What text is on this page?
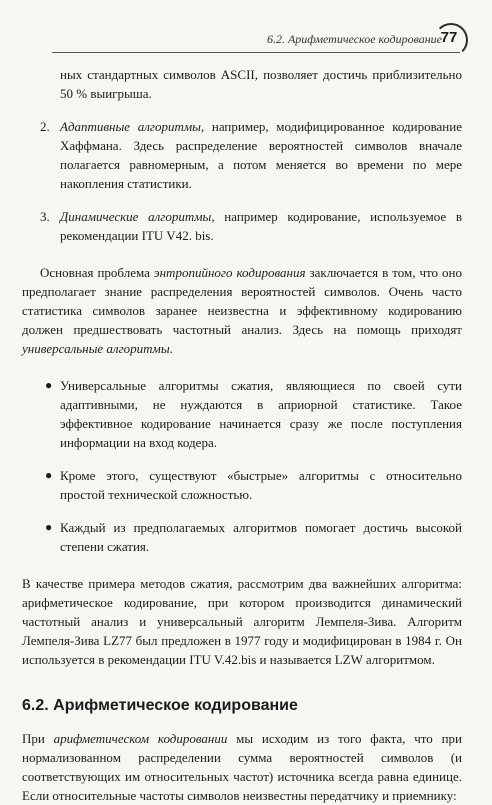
6.2. Арифметическое кодирование
77

ных стандартных символов ASCII, позволяет достичь приблизительно 50 % выигрыша.

2. Адаптивные алгоритмы, например, модифицированное кодирование Хаффмана. Здесь распределение вероятностей символов вначале полагается равномерным, а потом меняется во времени по мере накопления статистики.

3. Динамические алгоритмы, например кодирование, используемое в рекомендации ITU V42. bis.

Основная проблема энтропийного кодирования заключается в том, что оно предполагает знание распределения вероятностей символов. Очень часто статистика символов заранее неизвестна и эффективному кодированию должен предшествовать частотный анализ. Здесь на помощь приходят универсальные алгоритмы.

● Универсальные алгоритмы сжатия, являющиеся по своей сути адаптивными, не нуждаются в априорной статистике. Такое эффективное кодирование начинается сразу же после поступления информации на вход кодера.

● Кроме этого, существуют «быстрые» алгоритмы с относительно простой технической сложностью.

● Каждый из предполагаемых алгоритмов помогает достичь высокой степени сжатия.

В качестве примера методов сжатия, рассмотрим два важнейших алгоритма: арифметическое кодирование, при котором производится динамический частотный анализ и универсальный алгоритм Лемпеля-Зива. Алгоритм Лемпеля-Зива LZ77 был предложен в 1977 году и модифицирован в 1984 г. Он используется в рекомендации ITU V.42.bis и называется LZW алгоритмом.

6.2. Арифметическое кодирование

При арифметическом кодировании мы исходим из того факта, что при нормализованном распределении сумма вероятностей символов (и соответствующих им относительных частот) источника всегда равна единице. Если относительные частоты символов неизвестны передатчику и приемнику:
